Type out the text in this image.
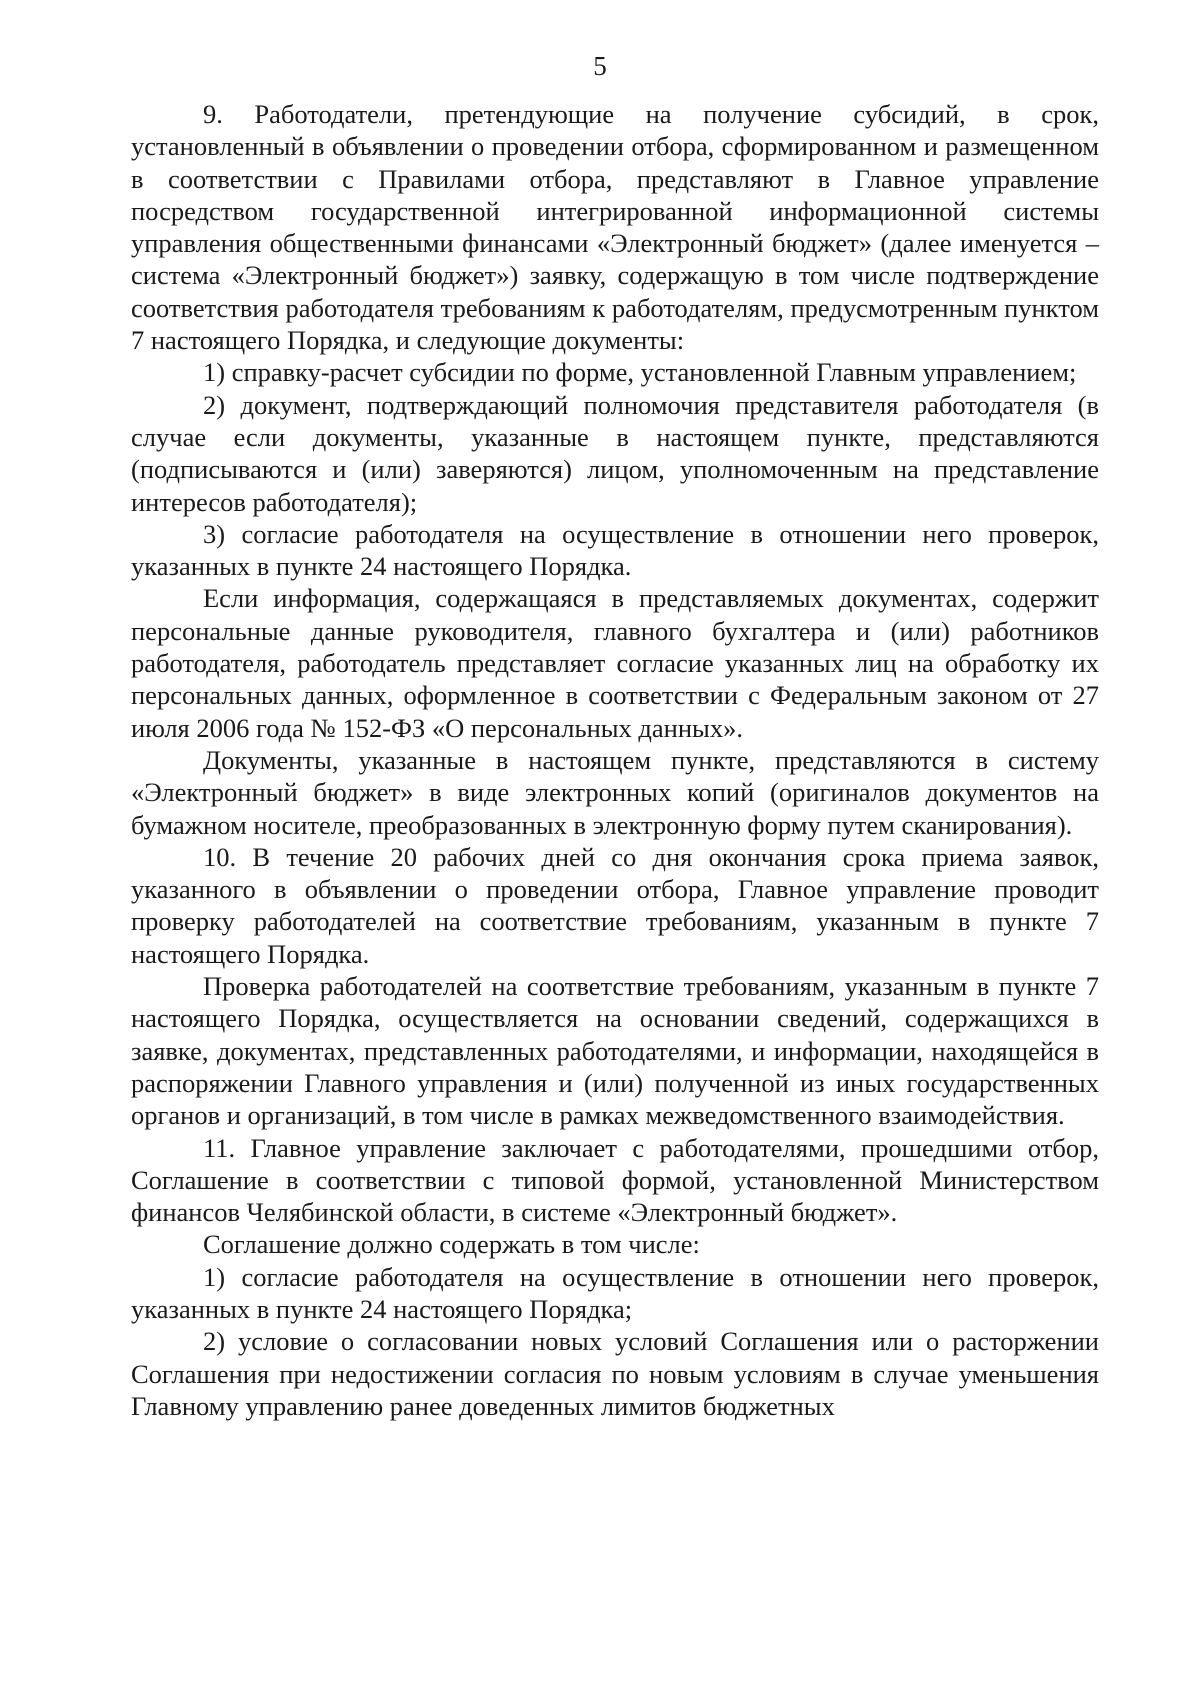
5

9. Работодатели, претендующие на получение субсидий, в срок, установленный в объявлении о проведении отбора, сформированном и размещенном в соответствии с Правилами отбора, представляют в Главное управление посредством государственной интегрированной информационной системы управления общественными финансами «Электронный бюджет» (далее именуется – система «Электронный бюджет») заявку, содержащую в том числе подтверждение соответствия работодателя требованиям к работодателям, предусмотренным пунктом 7 настоящего Порядка, и следующие документы:

1) справку-расчет субсидии по форме, установленной Главным управлением;

2) документ, подтверждающий полномочия представителя работодателя (в случае если документы, указанные в настоящем пункте, представляются (подписываются и (или) заверяются) лицом, уполномоченным на представление интересов работодателя);

3) согласие работодателя на осуществление в отношении него проверок, указанных в пункте 24 настоящего Порядка.

Если информация, содержащаяся в представляемых документах, содержит персональные данные руководителя, главного бухгалтера и (или) работников работодателя, работодатель представляет согласие указанных лиц на обработку их персональных данных, оформленное в соответствии с Федеральным законом от 27 июля 2006 года № 152-ФЗ «О персональных данных».

Документы, указанные в настоящем пункте, представляются в систему «Электронный бюджет» в виде электронных копий (оригиналов документов на бумажном носителе, преобразованных в электронную форму путем сканирования).

10. В течение 20 рабочих дней со дня окончания срока приема заявок, указанного в объявлении о проведении отбора, Главное управление проводит проверку работодателей на соответствие требованиям, указанным в пункте 7 настоящего Порядка.

Проверка работодателей на соответствие требованиям, указанным в пункте 7 настоящего Порядка, осуществляется на основании сведений, содержащихся в заявке, документах, представленных работодателями, и информации, находящейся в распоряжении Главного управления и (или) полученной из иных государственных органов и организаций, в том числе в рамках межведомственного взаимодействия.

11. Главное управление заключает с работодателями, прошедшими отбор, Соглашение в соответствии с типовой формой, установленной Министерством финансов Челябинской области, в системе «Электронный бюджет».

Соглашение должно содержать в том числе:

1) согласие работодателя на осуществление в отношении него проверок, указанных в пункте 24 настоящего Порядка;

2) условие о согласовании новых условий Соглашения или о расторжении Соглашения при недостижении согласия по новым условиям в случае уменьшения Главному управлению ранее доведенных лимитов бюджетных
